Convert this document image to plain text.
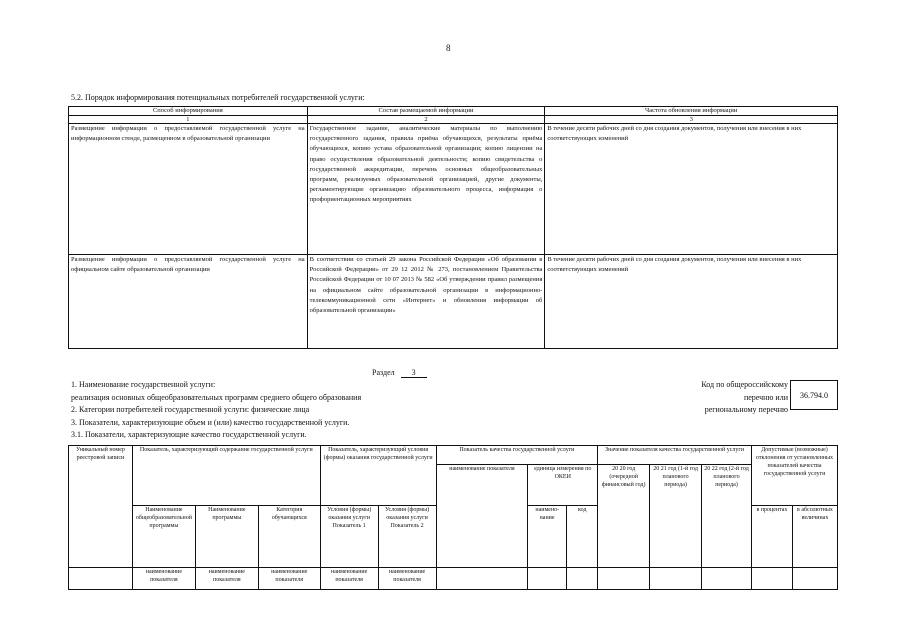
8
5.2. Порядок информирования потенциальных потребителей государственной услуги:
Способ информирования	Состав размещаемой информации	Частота обновления информации
1	2	3
Размещение информации о предоставляемой государственной услуге на информационном стенде, размещенном в образовательной организации	Государственное задание, аналитические материалы по выполнению государственного задания, правила приёма обучающихся, результаты приёма обучающихся, копию устава образовательной организации; копию лицензии на право осуществления образовательной деятельности; копию свидетельства о государственной аккредитации, перечень основных общеобразовательных программ, реализуемых образовательной организацией, другие документы, регламентирующие организацию образовательного процесса, информация о профориентационных мероприятиях	В течение десяти рабочих дней со дня создания документов, получения или внесения в них соответствующих изменений
Размещение информации о предоставляемой государственной услуге на официальном сайте образовательной организации	В соответствии со статьей 29 закона Российской Федерации «Об образовании в Российской Федерации» от 29 12 2012 № 273, постановлением Правительства Российской Федерации от 10 07 2013 № 582 «Об утверждении правил размещения на официальном сайте образовательной организации в информационно-телекоммуникационной сети «Интернет» и обновления информации об образовательной организации»	В течение десяти рабочих дней со дня создания документов, получения или внесения в них соответствующих изменений
Раздел 3
1. Наименование государственной услуги:
реализация основных общеобразовательных программ среднего общего образования
2. Категории потребителей государственной услуги: физические лица
3. Показатели, характеризующие объем и (или) качество государственной услуги.
3.1. Показатели, характеризующие качество государственной услуги.
Код по общероссийскому
перечню или
региональному перечню
36.794.0
Уникальный номер реестровой записи	Показатель, характеризующий содержание государственной услуги			Показатель, характеризующий условия (формы) оказания государственной услуги		Показатель качества государственной услуги			Значение показателя качества государственной услуги			Допустимые (возможные) отклонения от установленных показателей качества государственной услуги	
						наименование показателя	единица измерения по ОКЕИ		20 20 год (очередной финансовый год)	20 21 год (1-й год планового периода)	20 22 год (2-й год планового периода)		
	Наименование общеобразовательной программы	Наименование программы	Категория обучающихся	Условия (формы) оказания услуги Показатель 1	Условия (формы) оказания услуги Показатель 2		наимено-вание	код				в процентах	в абсолютных величинах
	наименование показателя	наименование показателя	наименование показателя	наименование показателя	наименование показателя								
